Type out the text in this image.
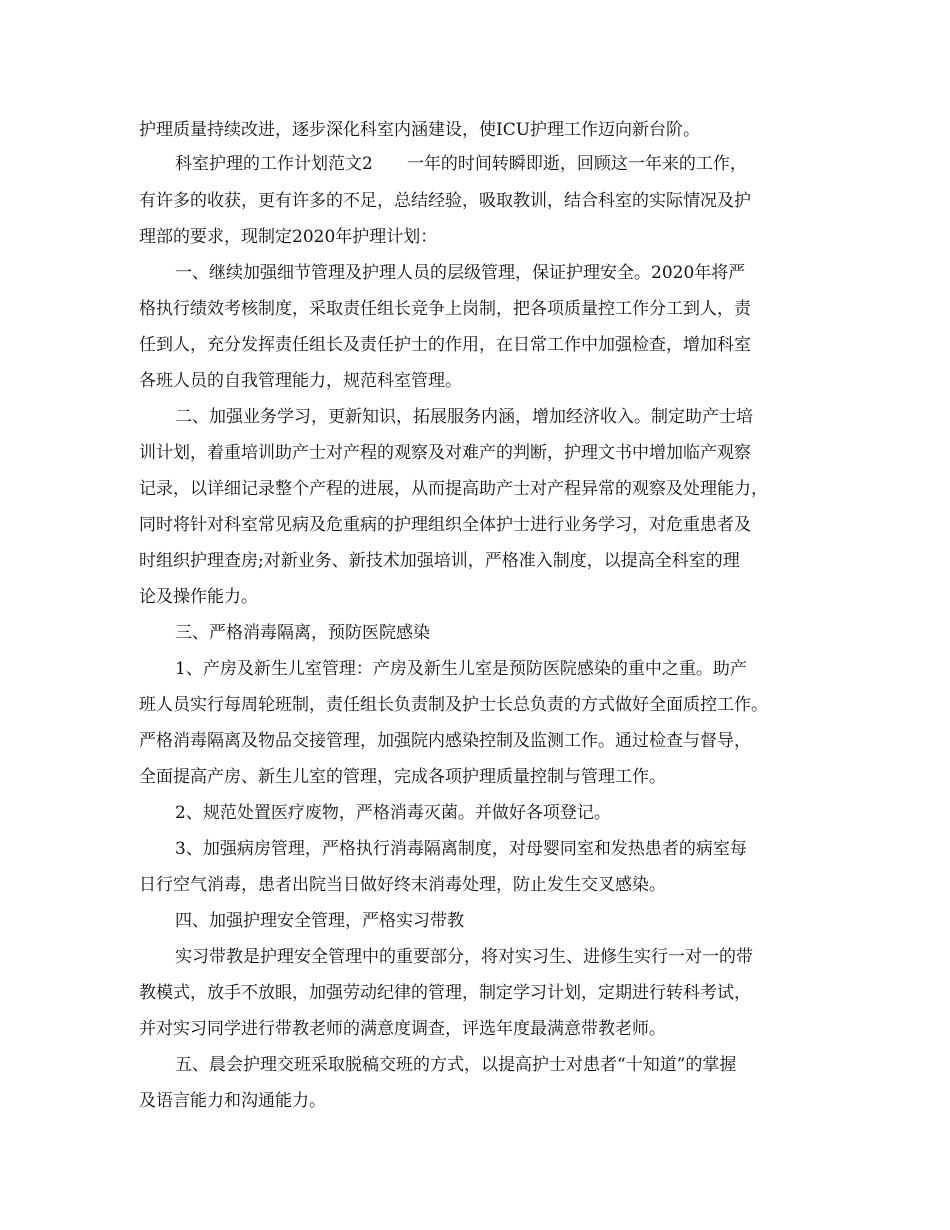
护理质量持续改进，逐步深化科室内涵建设，使ICU护理工作迈向新台阶。
科室护理的工作计划范文2　　一年的时间转瞬即逝，回顾这一年来的工作，
有许多的收获，更有许多的不足，总结经验，吸取教训，结合科室的实际情况及护
理部的要求，现制定2020年护理计划：
一、继续加强细节管理及护理人员的层级管理，保证护理安全。2020年将严
格执行绩效考核制度，采取责任组长竞争上岗制，把各项质量控工作分工到人，责
任到人，充分发挥责任组长及责任护士的作用，在日常工作中加强检查，增加科室
各班人员的自我管理能力，规范科室管理。
二、加强业务学习，更新知识，拓展服务内涵，增加经济收入。制定助产士培
训计划，着重培训助产士对产程的观察及对难产的判断，护理文书中增加临产观察
记录，以详细记录整个产程的进展，从而提高助产士对产程异常的观察及处理能力，
同时将针对科室常见病及危重病的护理组织全体护士进行业务学习，对危重患者及
时组织护理查房;对新业务、新技术加强培训，严格准入制度，以提高全科室的理
论及操作能力。
三、严格消毒隔离，预防医院感染
1、产房及新生儿室管理：产房及新生儿室是预防医院感染的重中之重。助产
班人员实行每周轮班制，责任组长负责制及护士长总负责的方式做好全面质控工作。
严格消毒隔离及物品交接管理，加强院内感染控制及监测工作。通过检查与督导，
全面提高产房、新生儿室的管理，完成各项护理质量控制与管理工作。
2、规范处置医疗废物，严格消毒灭菌。并做好各项登记。
3、加强病房管理，严格执行消毒隔离制度，对母婴同室和发热患者的病室每
日行空气消毒，患者出院当日做好终末消毒处理，防止发生交叉感染。
四、加强护理安全管理，严格实习带教
实习带教是护理安全管理中的重要部分，将对实习生、进修生实行一对一的带
教模式，放手不放眼，加强劳动纪律的管理，制定学习计划，定期进行转科考试，
并对实习同学进行带教老师的满意度调查，评选年度最满意带教老师。
五、晨会护理交班采取脱稿交班的方式，以提高护士对患者“十知道”的掌握
及语言能力和沟通能力。
